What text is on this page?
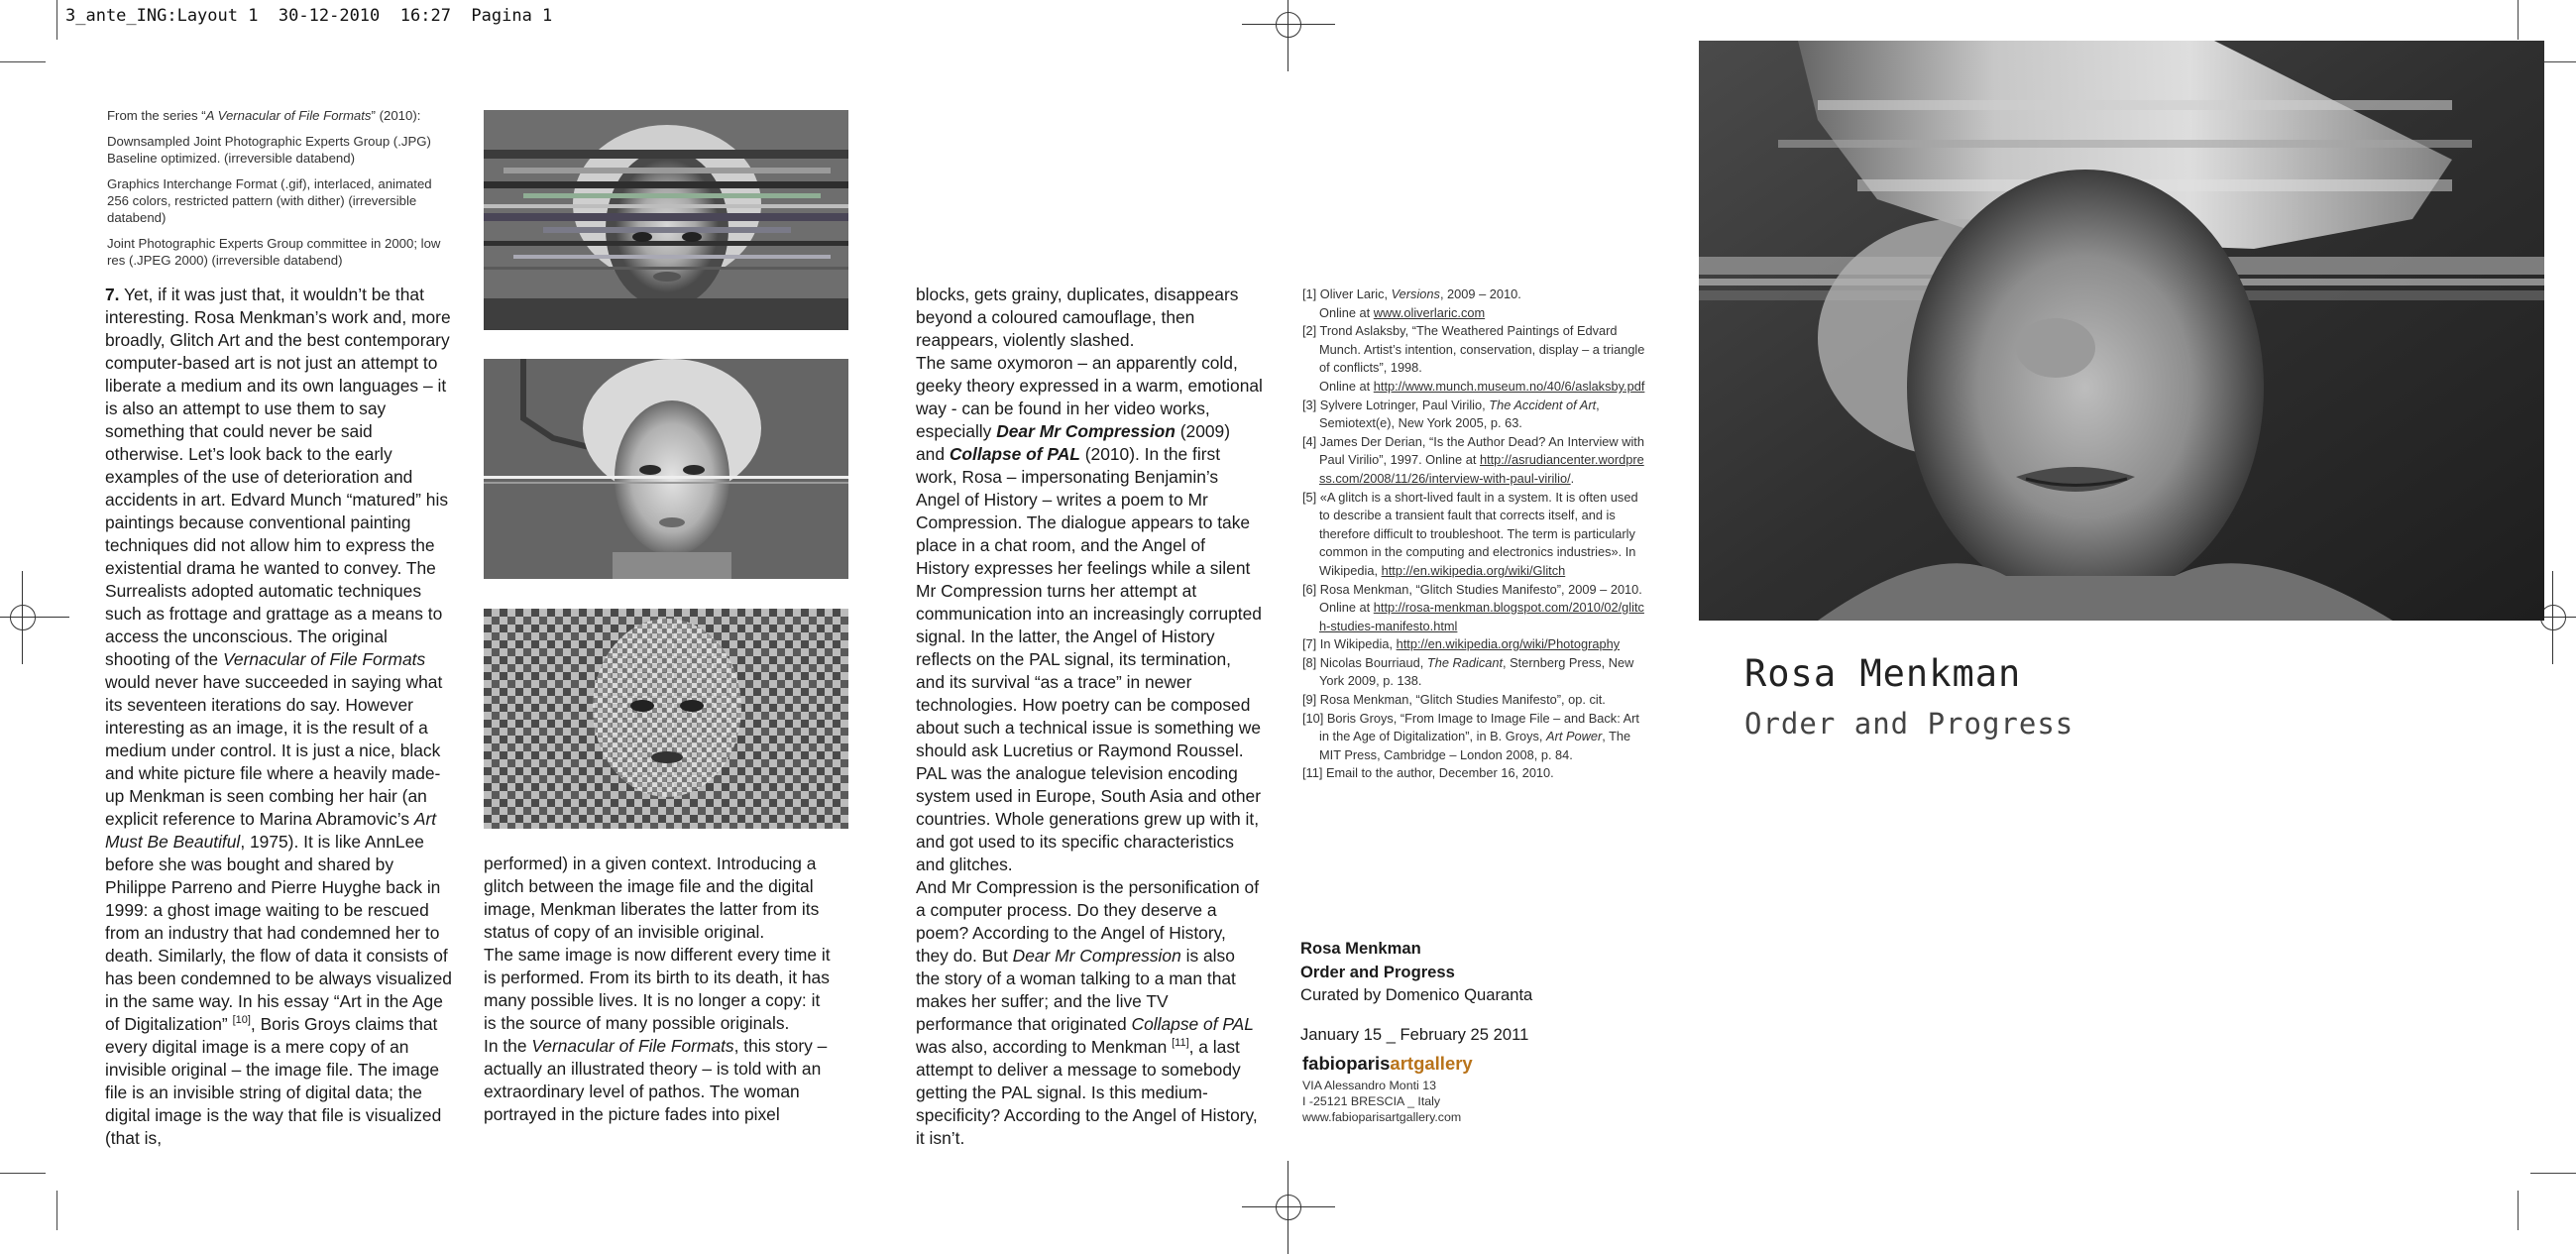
3_ante_ING:Layout 1  30-12-2010  16:27  Pagina 1

From the series “A Vernacular of File Formats” (2010):

Downsampled Joint Photographic Experts Group (.JPG) Baseline optimized. (irreversible databend)

Graphics Interchange Format (.gif), interlaced, animated 256 colors, restricted pattern (with dither) (irreversible databend)

Joint Photographic Experts Group committee in 2000; low res (.JPEG 2000) (irreversible databend)

7. Yet, if it was just that, it wouldn’t be that interesting. Rosa Menkman’s work and, more broadly, Glitch Art and the best contemporary computer-based art is not just an attempt to liberate a medium and its own languages – it is also an attempt to use them to say something that could never be said otherwise. Let’s look back to the early examples of the use of deterioration and accidents in art. Edvard Munch “matured” his paintings because conventional painting techniques did not allow him to express the existential drama he wanted to convey. The Surrealists adopted automatic techniques such as frottage and grattage as a means to access the unconscious. The original shooting of the Vernacular of File Formats would never have succeeded in saying what its seventeen iterations do say. However interesting as an image, it is the result of a medium under control. It is just a nice, black and white picture file where a heavily made-up Menkman is seen combing her hair (an explicit reference to Marina Abramovic’s Art Must Be Beautiful, 1975). It is like AnnLee before she was bought and shared by Philippe Parreno and Pierre Huyghe back in 1999: a ghost image waiting to be rescued from an industry that had condemned her to death. Similarly, the flow of data it consists of has been condemned to be always visualized in the same way. In his essay “Art in the Age of Digitalization” [10], Boris Groys claims that every digital image is a mere copy of an invisible original – the image file. The image file is an invisible string of digital data; the digital image is the way that file is visualized (that is,

performed) in a given context. Introducing a glitch between the image file and the digital image, Menkman liberates the latter from its status of copy of an invisible original.

The same image is now different every time it is performed. From its birth to its death, it has many possible lives. It is no longer a copy: it is the source of many possible originals.

In the Vernacular of File Formats, this story – actually an illustrated theory – is told with an extraordinary level of pathos. The woman portrayed in the picture fades into pixel

blocks, gets grainy, duplicates, disappears beyond a coloured camouflage, then reappears, violently slashed.

The same oxymoron – an apparently cold, geeky theory expressed in a warm, emotional way - can be found in her video works, especially Dear Mr Compression (2009) and Collapse of PAL (2010). In the first work, Rosa – impersonating Benjamin’s Angel of History – writes a poem to Mr Compression. The dialogue appears to take place in a chat room, and the Angel of History expresses her feelings while a silent Mr Compression turns her attempt at communication into an increasingly corrupted signal. In the latter, the Angel of History reflects on the PAL signal, its termination, and its survival “as a trace” in newer technologies. How poetry can be composed about such a technical issue is something we should ask Lucretius or Raymond Roussel. PAL was the analogue television encoding system used in Europe, South Asia and other countries. Whole generations grew up with it, and got used to its specific characteristics and glitches.

And Mr Compression is the personification of a computer process. Do they deserve a poem? According to the Angel of History, they do. But Dear Mr Compression is also the story of a woman talking to a man that makes her suffer; and the live TV performance that originated Collapse of PAL was also, according to Menkman [11], a last attempt to deliver a message to somebody getting the PAL signal. Is this medium-specificity? According to the Angel of History, it isn’t.

[1] Oliver Laric, Versions, 2009 – 2010.
Online at www.oliverlaric.com
[2] Trond Aslaksby, “The Weathered Paintings of Edvard Munch. Artist’s intention, conservation, display – a triangle of conflicts”, 1998.
Online at http://www.munch.museum.no/40/6/aslaksby.pdf
[3] Sylvere Lotringer, Paul Virilio, The Accident of Art, Semiotext(e), New York 2005, p. 63.
[4] James Der Derian, “Is the Author Dead? An Interview with Paul Virilio”, 1997. Online at http://asrudiancenter.wordpress.com/2008/11/26/interview-with-paul-virilio/.
[5] «A glitch is a short-lived fault in a system. It is often used to describe a transient fault that corrects itself, and is therefore difficult to troubleshoot. The term is particularly common in the computing and electronics industries». In Wikipedia, http://en.wikipedia.org/wiki/Glitch
[6] Rosa Menkman, “Glitch Studies Manifesto”, 2009 – 2010. Online at http://rosa-menkman.blogspot.com/2010/02/glitch-studies-manifesto.html
[7] In Wikipedia, http://en.wikipedia.org/wiki/Photography
[8] Nicolas Bourriaud, The Radicant, Sternberg Press, New York 2009, p. 138.
[9] Rosa Menkman, “Glitch Studies Manifesto”, op. cit.
[10] Boris Groys, “From Image to Image File – and Back: Art in the Age of Digitalization”, in B. Groys, Art Power, The MIT Press, Cambridge – London 2008, p. 84.
[11] Email to the author, December 16, 2010.
Rosa Menkman
Order and Progress
Curated by Domenico Quaranta
January 15 _ February 25 2011
fabioparisartgallery
VIA Alessandro Monti 13
I -25121 BRESCIA _ Italy
www.fabioparisartgallery.com
Rosa Menkman
Order and Progress
